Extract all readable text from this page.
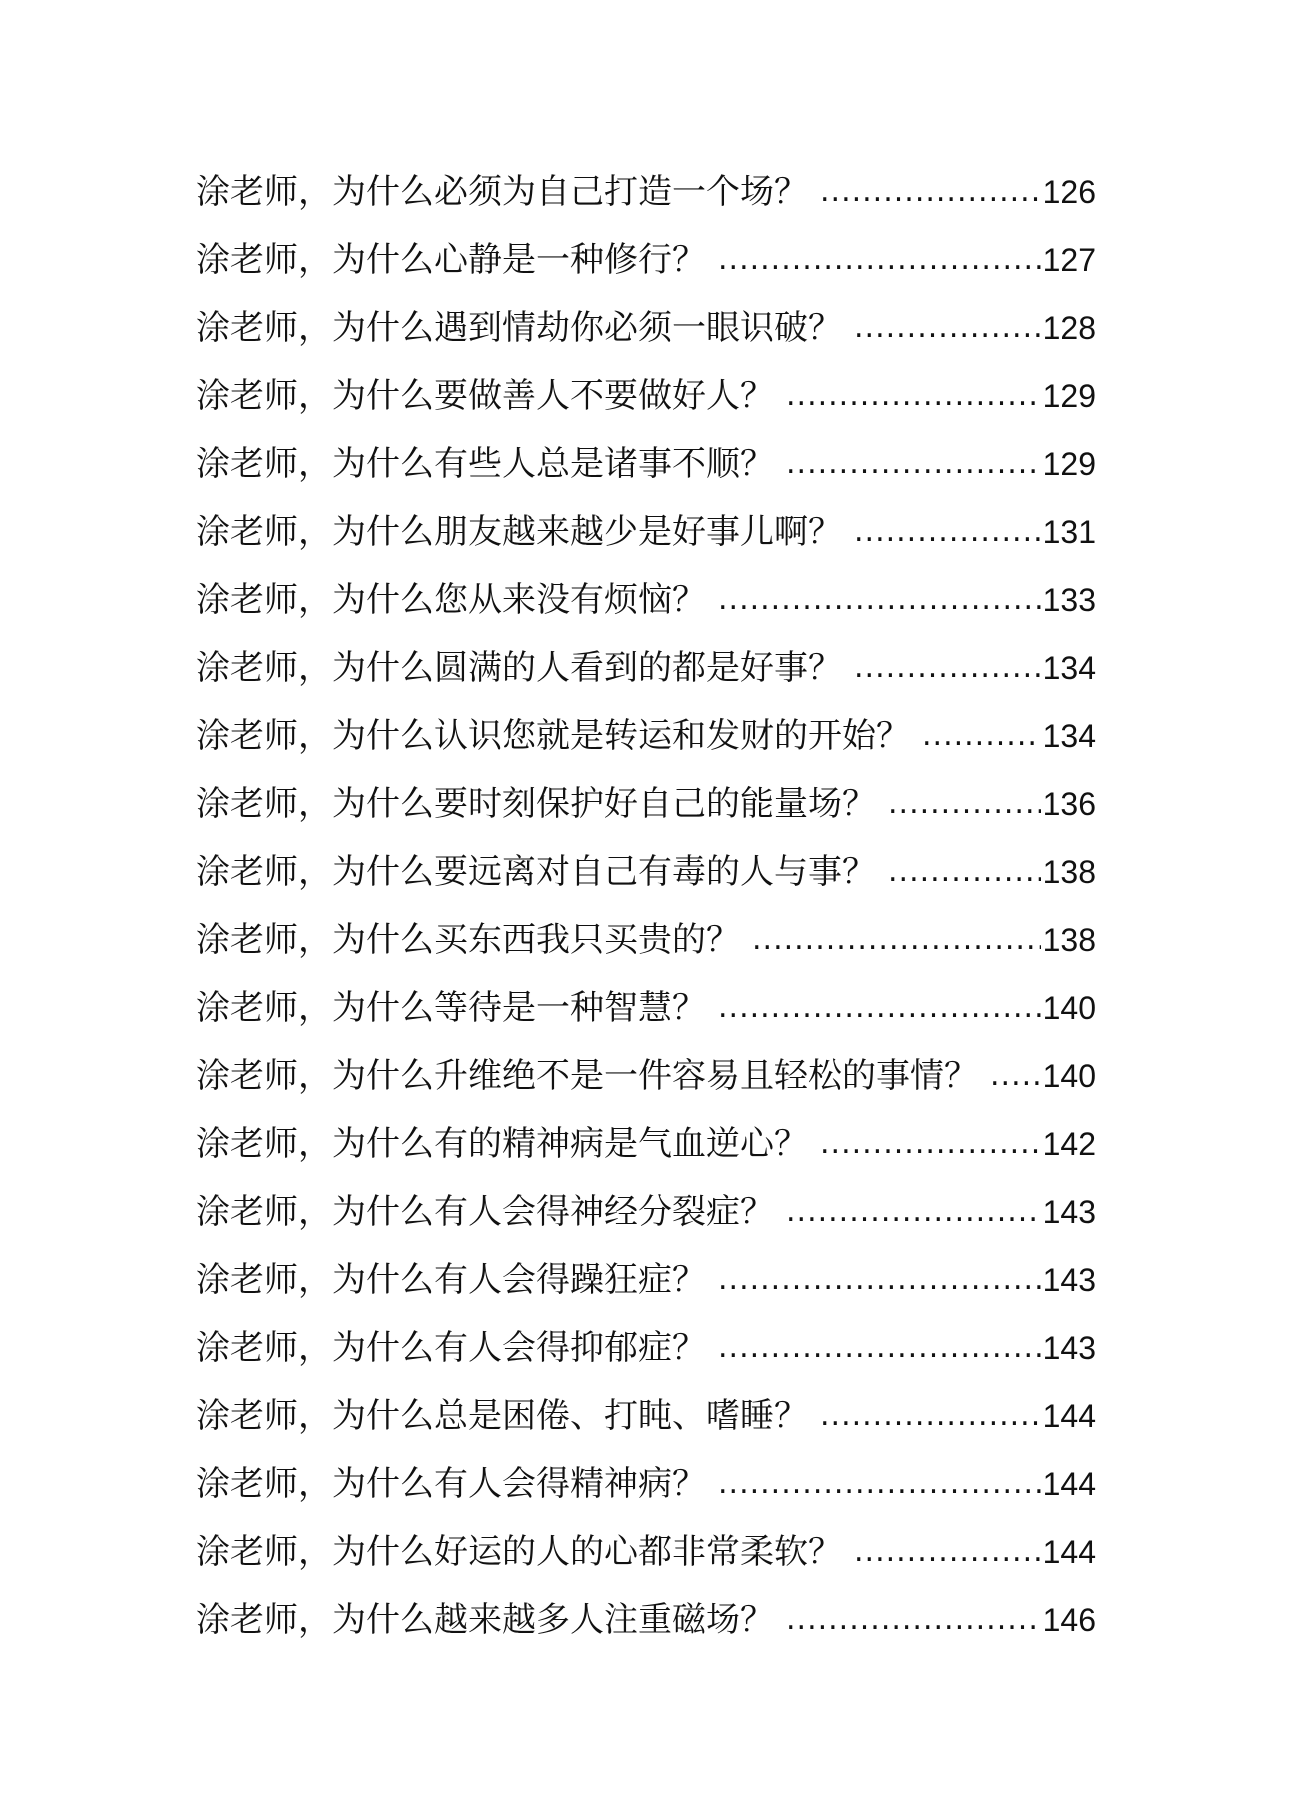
涂老师，为什么必须为自己打造一个场？ .....	126
涂老师，为什么心静是一种修行？ .....	127
涂老师，为什么遇到情劫你必须一眼识破？ .....	128
涂老师，为什么要做善人不要做好人？ .....	129
涂老师，为什么有些人总是诸事不顺？ .....	129
涂老师，为什么朋友越来越少是好事儿啊？ .....	131
涂老师，为什么您从来没有烦恼？ .....	133
涂老师，为什么圆满的人看到的都是好事？ .....	134
涂老师，为什么认识您就是转运和发财的开始？ .....	134
涂老师，为什么要时刻保护好自己的能量场？ .....	136
涂老师，为什么要远离对自己有毒的人与事？ .....	138
涂老师，为什么买东西我只买贵的？ .....	138
涂老师，为什么等待是一种智慧？ .....	140
涂老师，为什么升维绝不是一件容易且轻松的事情？ .....	140
涂老师，为什么有的精神病是气血逆心？ .....	142
涂老师，为什么有人会得神经分裂症？ .....	143
涂老师，为什么有人会得躁狂症？ .....	143
涂老师，为什么有人会得抑郁症？ .....	143
涂老师，为什么总是困倦、打盹、嗜睡？ .....	144
涂老师，为什么有人会得精神病？ .....	144
涂老师，为什么好运的人的心都非常柔软？ .....	144
涂老师，为什么越来越多人注重磁场？ .....	146
